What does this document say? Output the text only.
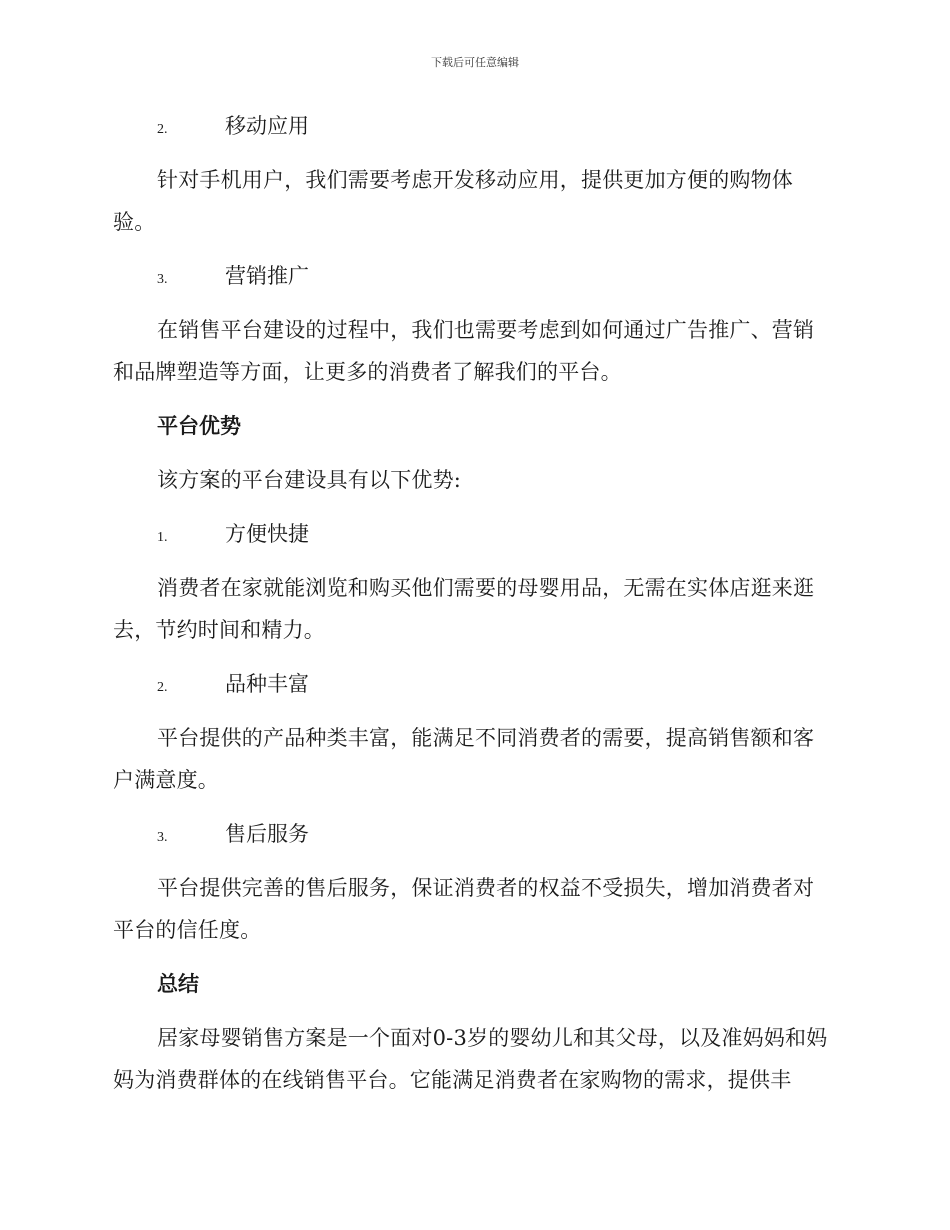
下载后可任意编辑
2.	移动应用

针对手机用户，我们需要考虑开发移动应用，提供更加方便的购物体验。

3.	营销推广

在销售平台建设的过程中，我们也需要考虑到如何通过广告推广、营销和品牌塑造等方面，让更多的消费者了解我们的平台。

平台优势

该方案的平台建设具有以下优势:

1.	方便快捷

消费者在家就能浏览和购买他们需要的母婴用品，无需在实体店逛来逛去，节约时间和精力。

2.	品种丰富

平台提供的产品种类丰富，能满足不同消费者的需要，提高销售额和客户满意度。

3.	售后服务

平台提供完善的售后服务，保证消费者的权益不受损失，增加消费者对平台的信任度。

总结

居家母婴销售方案是一个面对0-3岁的婴幼儿和其父母，以及准妈妈和妈妈为消费群体的在线销售平台。它能满足消费者在家购物的需求，提供丰
